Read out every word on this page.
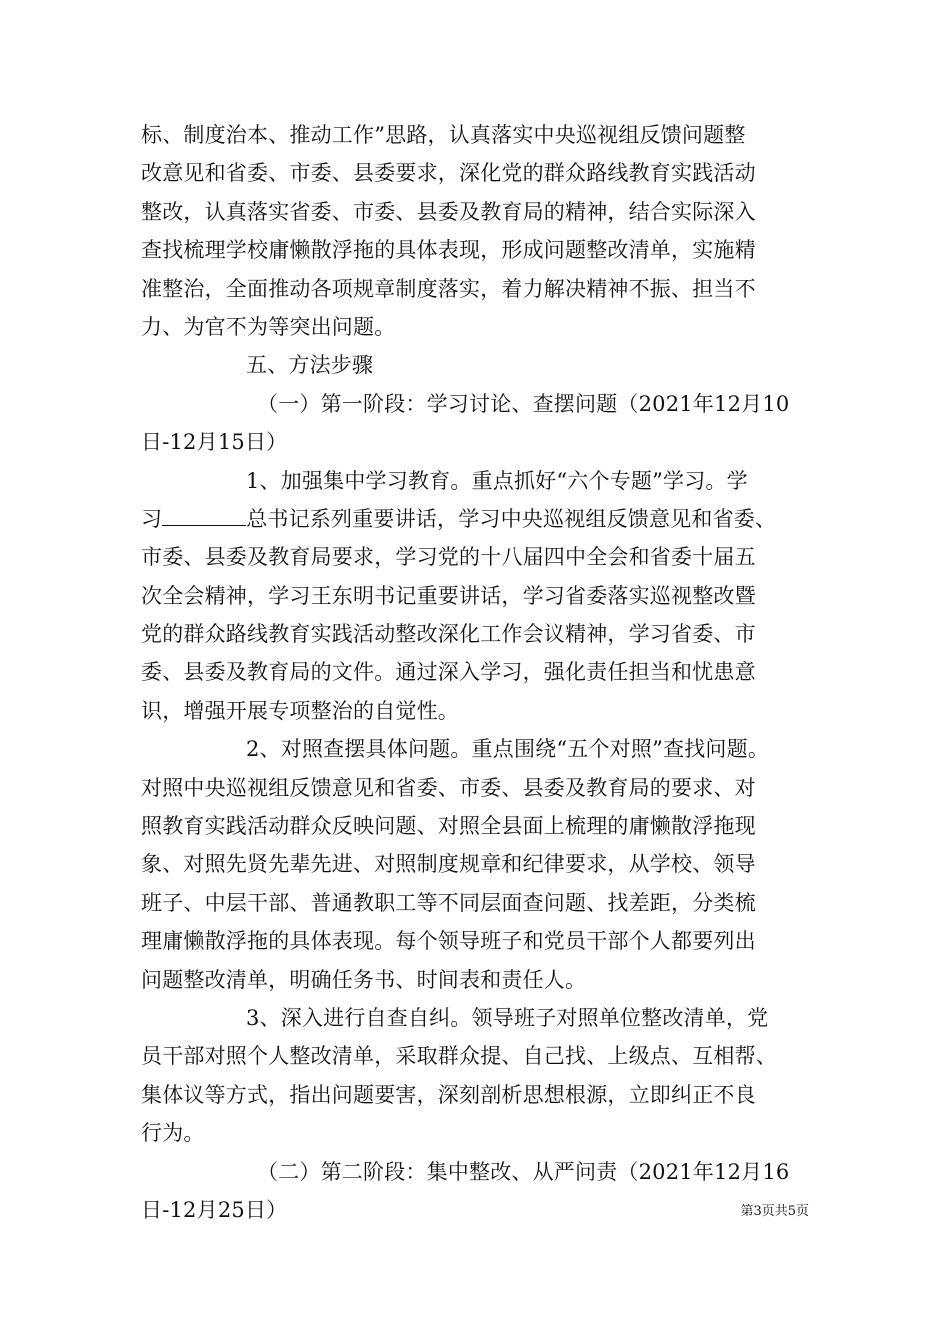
标、制度治本、推动工作”思路，认真落实中央巡视组反馈问题整
改意见和省委、市委、县委要求，深化党的群众路线教育实践活动
整改，认真落实省委、市委、县委及教育局的精神，结合实际深入
查找梳理学校庸懒散浮拖的具体表现，形成问题整改清单，实施精
准整治，全面推动各项规章制度落实，着力解决精神不振、担当不
力、为官不为等突出问题。
五、方法步骤
（一）第一阶段：学习讨论、查摆问题（2021年12月10
日-12月15日）
1、加强集中学习教育。重点抓好“六个专题”学习。学
习	总书记系列重要讲话，学习中央巡视组反馈意见和省委、
市委、县委及教育局要求，学习党的十八届四中全会和省委十届五
次全会精神，学习王东明书记重要讲话，学习省委落实巡视整改暨
党的群众路线教育实践活动整改深化工作会议精神，学习省委、市
委、县委及教育局的文件。通过深入学习，强化责任担当和忧患意
识，增强开展专项整治的自觉性。
2、对照查摆具体问题。重点围绕“五个对照”查找问题。
对照中央巡视组反馈意见和省委、市委、县委及教育局的要求、对
照教育实践活动群众反映问题、对照全县面上梳理的庸懒散浮拖现
象、对照先贤先辈先进、对照制度规章和纪律要求，从学校、领导
班子、中层干部、普通教职工等不同层面查问题、找差距，分类梳
理庸懒散浮拖的具体表现。每个领导班子和党员干部个人都要列出
问题整改清单，明确任务书、时间表和责任人。
3、深入进行自查自纠。领导班子对照单位整改清单，党
员干部对照个人整改清单，采取群众提、自己找、上级点、互相帮、
集体议等方式，指出问题要害，深刻剖析思想根源，立即纠正不良
行为。
（二）第二阶段：集中整改、从严问责（2021年12月16
日-12月25日）	第3页共5页
